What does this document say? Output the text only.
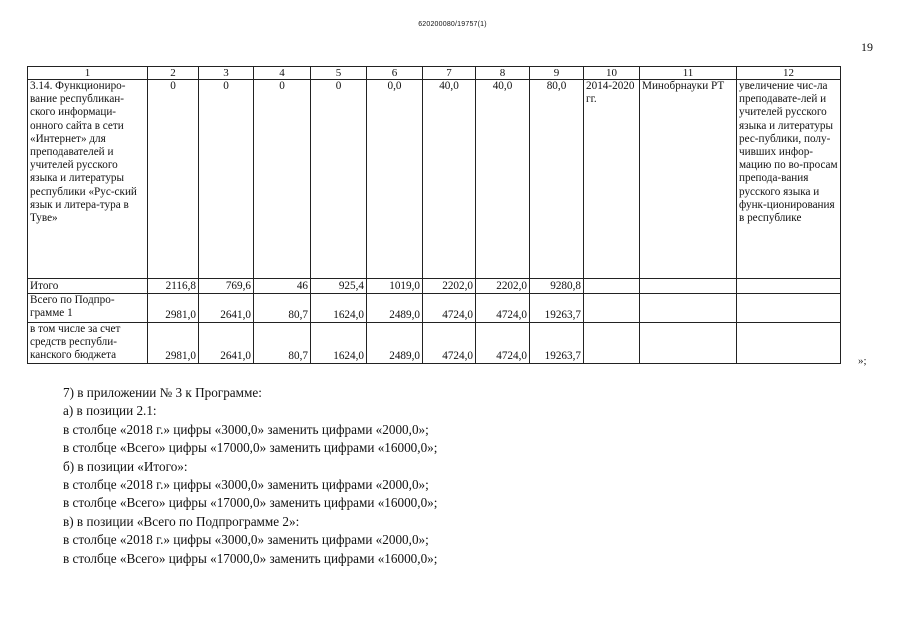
620200080/19757(1)
19
1	2	3	4	5	6	7	8	9	10	11	12
3.14. Функциониро-вание республикан-ского информаци-онного сайта в сети «Интернет» для преподавателей и учителей русского языка и литературы республики «Рус-ский язык и литера-тура в Туве»	0	0	0	0	0,0	40,0	40,0	80,0	2014-2020 гг.	Минобрнауки РТ	увеличение чис-ла преподавате-лей и учителей русского языка и литературы рес-публики, полу-чивших инфор-мацию по во-просам препода-вания русского языка и функ-ционирования в республике
Итого	2116,8	769,6	46	925,4	1019,0	2202,0	2202,0	9280,8			
Всего по Подпро-грамме 1	2981,0	2641,0	80,7	1624,0	2489,0	4724,0	4724,0	19263,7			
в том числе за счет средств республи-канского бюджета	2981,0	2641,0	80,7	1624,0	2489,0	4724,0	4724,0	19263,7				»;
7) в приложении № 3 к Программе:
а) в позиции 2.1:
в столбце «2018 г.» цифры «3000,0» заменить цифрами «2000,0»;
в столбце «Всего» цифры «17000,0» заменить цифрами «16000,0»;
б) в позиции «Итого»:
в столбце «2018 г.» цифры «3000,0» заменить цифрами «2000,0»;
в столбце «Всего» цифры «17000,0» заменить цифрами «16000,0»;
в) в позиции «Всего по Подпрограмме 2»:
в столбце «2018 г.» цифры «3000,0» заменить цифрами «2000,0»;
в столбце «Всего» цифры «17000,0» заменить цифрами «16000,0»;
